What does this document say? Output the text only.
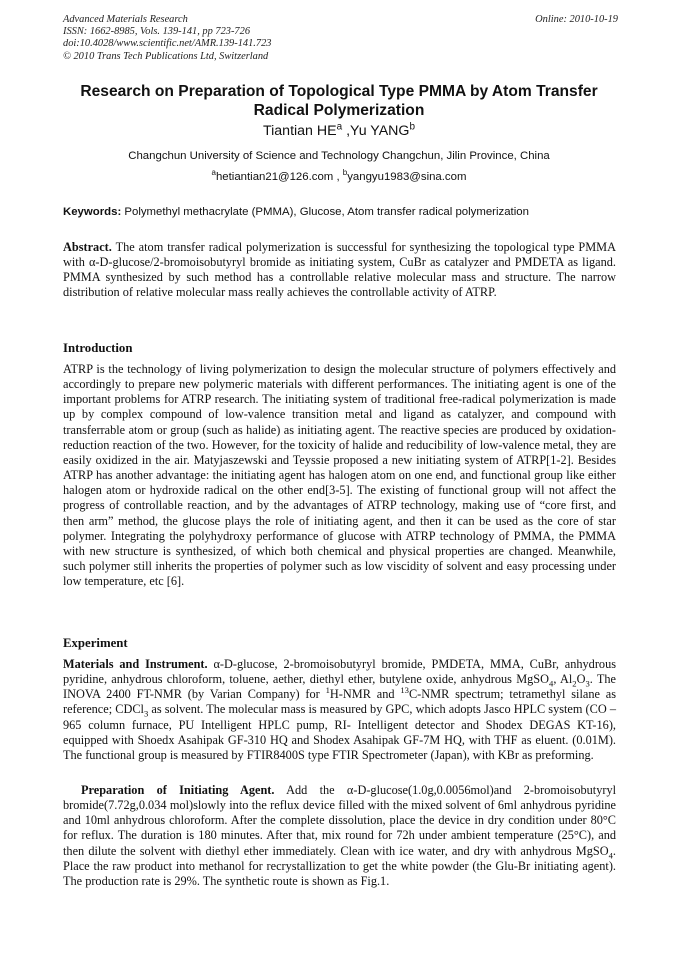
Advanced Materials Research
ISSN: 1662-8985, Vols. 139-141, pp 723-726
doi:10.4028/www.scientific.net/AMR.139-141.723
© 2010 Trans Tech Publications Ltd, Switzerland
Online: 2010-10-19
Research on Preparation of Topological Type PMMA by Atom Transfer Radical Polymerization
Tiantian $HE^a$ ,Yu YANG$^b$
Changchun University of Science and Technology Changchun, Jilin Province, China
$^a$hetiantian21@126.com , $^b$yangyu1983@sina.com
Keywords: Polymethyl methacrylate (PMMA), Glucose, Atom transfer radical polymerization
Abstract. The atom transfer radical polymerization is successful for synthesizing the topological type PMMA with α-D-glucose/2-bromoisobutyryl bromide as initiating system, CuBr as catalyzer and PMDETA as ligand. PMMA synthesized by such method has a controllable relative molecular mass and structure. The narrow distribution of relative molecular mass really achieves the controllable activity of ATRP.
Introduction
ATRP is the technology of living polymerization to design the molecular structure of polymers effectively and accordingly to prepare new polymeric materials with different performances. The initiating agent is one of the important problems for ATRP research. The initiating system of traditional free-radical polymerization is made up by complex compound of low-valence transition metal and ligand as catalyzer, and compound with transferrable atom or group (such as halide) as initiating agent. The reactive species are produced by oxidation-reduction reaction of the two. However, for the toxicity of halide and reducibility of low-valence metal, they are easily oxidized in the air. Matyjaszewski and Teyssie proposed a new initiating system of ATRP[1-2]. Besides ATRP has another advantage: the initiating agent has halogen atom on one end, and functional group like either halogen atom or hydroxide radical on the other end[3-5]. The existing of functional group will not affect the progress of controllable reaction, and by the advantages of ATRP technology, making use of “core first, and then arm” method, the glucose plays the role of initiating agent, and then it can be used as the core of star polymer. Integrating the polyhydroxy performance of glucose with ATRP technology of PMMA, the PMMA with new structure is synthesized, of which both chemical and physical properties are changed. Meanwhile, such polymer still inherits the properties of polymer such as low viscidity of solvent and easy processing under low temperature, etc [6].
Experiment
Materials and Instrument. α-D-glucose, 2-bromoisobutyryl bromide, PMDETA, MMA, CuBr, anhydrous pyridine, anhydrous chloroform, toluene, aether, diethyl ether, butylene oxide, anhydrous MgSO$_4$, $Al_2O_3$. The INOVA 2400 FT-NMR (by Varian Company) for $^1$H-NMR and $^{13}$C-NMR spectrum; tetramethyl silane as reference; CDCl$_3$ as solvent. The molecular mass is measured by GPC, which adopts Jasco HPLC system (CO – 965 column furnace, PU Intelligent HPLC pump, RI- Intelligent detector and Shodex DEGAS KT-16), equipped with Shoedx Asahipak GF-310 HQ and Shodex Asahipak GF-7M HQ, with THF as eluent. (0.01M). The functional group is measured by FTIR8400S type FTIR Spectrometer (Japan), with KBr as preforming.
Preparation of Initiating Agent. Add the α-D-glucose(1.0g,0.0056mol)and 2-bromoisobutyryl bromide(7.72g,0.034 mol)slowly into the reflux device filled with the mixed solvent of 6ml anhydrous pyridine and 10ml anhydrous chloroform. After the complete dissolution, place the device in dry condition under 80°C for reflux. The duration is 180 minutes. After that, mix round for 72h under ambient temperature (25°C), and then dilute the solvent with diethyl ether immediately. Clean with ice water, and dry with anhydrous MgSO$_4$. Place the raw product into methanol for recrystallization to get the white powder (the Glu-Br initiating agent). The production rate is 29%. The synthetic route is shown as Fig.1.
